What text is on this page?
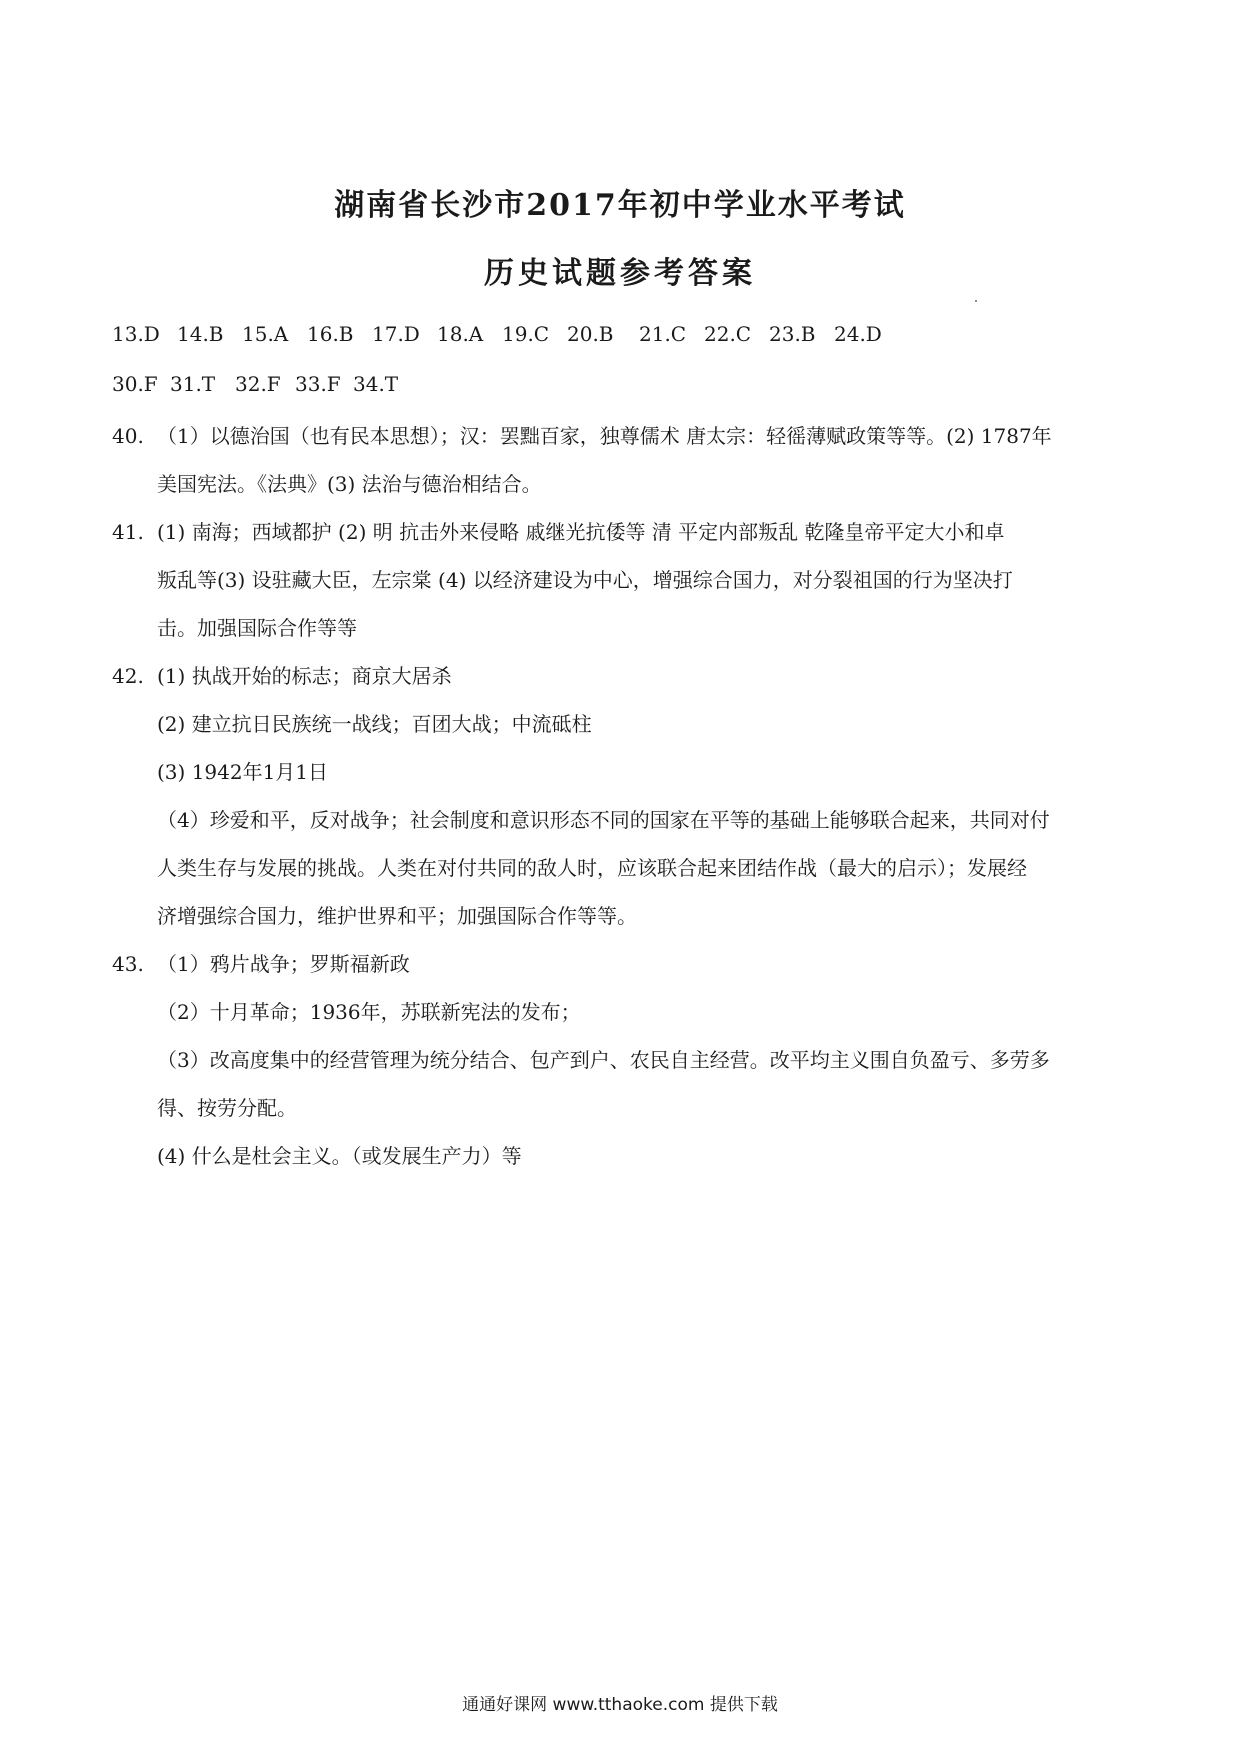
湖南省长沙市2017年初中学业水平考试
历史试题参考答案
13.D 14.B 15.A 16.B 17.D 18.A 19.C 20.B 21.C 22.C 23.B 24.D
30.F 31.T 32.F 33.F 34.T
40. （1）以德治国（也有民本思想）；汉：罢黜百家，独尊儒术 唐太宗：轻徭薄赋政策等等。(2) 1787年
美国宪法。《法典》(3) 法治与德治相结合。
41. (1) 南海；西域都护 (2) 明 抗击外来侵略 戚继光抗倭等 清 平定内部叛乱 乾隆皇帝平定大小和卓
叛乱等(3) 设驻藏大臣，左宗棠 (4) 以经济建设为中心，增强综合国力，对分裂祖国的行为坚决打
击。加强国际合作等等
42. (1) 执战开始的标志；商京大居杀
(2) 建立抗日民族统一战线；百团大战；中流砥柱
(3) 1942年1月1日
（4）珍爱和平，反对战争；社会制度和意识形态不同的国家在平等的基础上能够联合起来，共同对付
人类生存与发展的挑战。人类在对付共同的敌人时，应该联合起来团结作战（最大的启示）；发展经
济增强综合国力，维护世界和平；加强国际合作等等。
43. （1）鸦片战争；罗斯福新政
（2）十月革命；1936年，苏联新宪法的发布；
（3）改高度集中的经营管理为统分结合、包产到户、农民自主经营。改平均主义围自负盈亏、多劳多
得、按劳分配。
(4) 什么是杜会主义。（或发展生产力）等
通通好课网 www.tthaoke.com 提供下载
